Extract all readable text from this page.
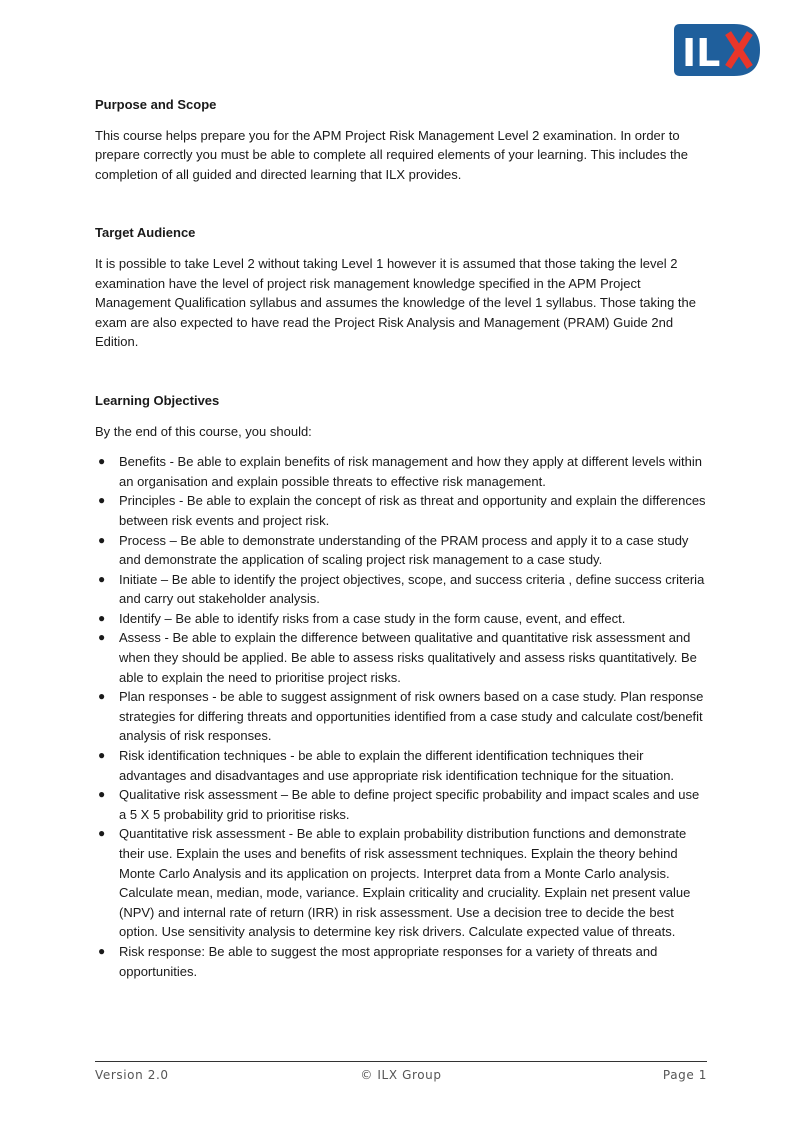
IL
Purpose and Scope

This course helps prepare you for the APM Project Risk Management Level 2 examination. In order to prepare correctly you must be able to complete all required elements of your learning. This includes the completion of all guided and directed learning that ILX provides.

Target Audience

It is possible to take Level 2 without taking Level 1 however it is assumed that those taking the level 2 examination have the level of project risk management knowledge specified in the APM Project Management Qualification syllabus and assumes the knowledge of the level 1 syllabus. Those taking the exam are also expected to have read the Project Risk Analysis and Management (PRAM) Guide 2nd Edition.

Learning Objectives

By the end of this course, you should:

● Benefits - Be able to explain benefits of risk management and how they apply at different levels within an organisation and explain possible threats to effective risk management.
● Principles - Be able to explain the concept of risk as threat and opportunity and explain the differences between risk events and project risk.
● Process – Be able to demonstrate understanding of the PRAM process and apply it to a case study and demonstrate the application of scaling project risk management to a case study.
● Initiate – Be able to identify the project objectives, scope, and success criteria , define success criteria and carry out stakeholder analysis.
● Identify – Be able to identify risks from a case study in the form cause, event, and effect.
● Assess - Be able to explain the difference between qualitative and quantitative risk assessment and when they should be applied. Be able to assess risks qualitatively and assess risks quantitatively. Be able to explain the need to prioritise project risks.
● Plan responses - be able to suggest assignment of risk owners based on a case study. Plan response strategies for differing threats and opportunities identified from a case study and calculate cost/benefit analysis of risk responses.
● Risk identification techniques - be able to explain the different identification techniques their advantages and disadvantages and use appropriate risk identification technique for the situation.
● Qualitative risk assessment – Be able to define project specific probability and impact scales and use a 5 X 5 probability grid to prioritise risks.
● Quantitative risk assessment - Be able to explain probability distribution functions and demonstrate their use. Explain the uses and benefits of risk assessment techniques. Explain the theory behind Monte Carlo Analysis and its application on projects. Interpret data from a Monte Carlo analysis. Calculate mean, median, mode, variance. Explain criticality and cruciality. Explain net present value (NPV) and internal rate of return (IRR) in risk assessment. Use a decision tree to decide the best option. Use sensitivity analysis to determine key risk drivers. Calculate expected value of threats.
● Risk response: Be able to suggest the most appropriate responses for a variety of threats and opportunities.
Version 2.0	© ILX Group	Page 1
